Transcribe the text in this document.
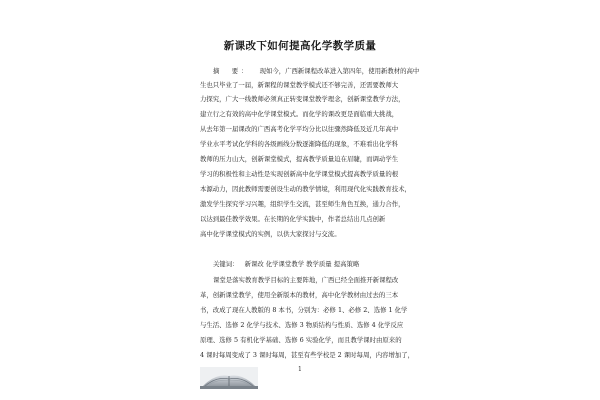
新课改下如何提高化学教学质量
摘　要： 现如今，广西新课程改革进入第四年，使用新教材的高中
生也只毕业了一届，新课程的课堂教学模式还不够完善，还需要教师大
力探究，广大一线教师必须真正转变课堂教学理念，创新课堂教学方法，
建立行之有效的高中化学课堂模式。而化学的课改更是面临重大挑战，
从去年第一届课改的广西高考化学平均分比以往骤然降低及近几年高中
学业水平考试化学科的各级画线分数逐渐降低的现象，不难看出化学科
教师的压力山大，创新课堂模式，提高教学质量迫在眉睫，而调动学生
学习的积极性和主动性是实现创新高中化学课堂模式提高教学质量的根
本源动力，因此教师需要创设生动的教学情境，利用现代化实践教育技术，
激发学生探究学习兴趣，组织学生交流，甚至师生角色互换，通力合作，
以达到最佳教学效果。在长期的化学实践中，作者总结出几点创新
高中化学课堂模式的实例，以供大家探讨与交流。
关键词： 新课改 化学课堂教学 教学质量 提高策略
课堂是落实教育教学目标的主要阵地，广西已经全面推开新课程改
革，创新课堂教学，使用全新版本的教材，高中化学教材由过去的三本
书，改成了现在人教版的 8 本书，分别为：必修 1、必修 2、选修 1 化学
与生活、选修 2 化学与技术、选修 3 物质结构与性质、选修 4 化学反应
原理、选修 5 有机化学基础、选修 6 实验化学，而且教学课时由原来的
4 课时每周变成了 3 课时每周，甚至有些学校是 2 课时每周，内容增加了，
1
